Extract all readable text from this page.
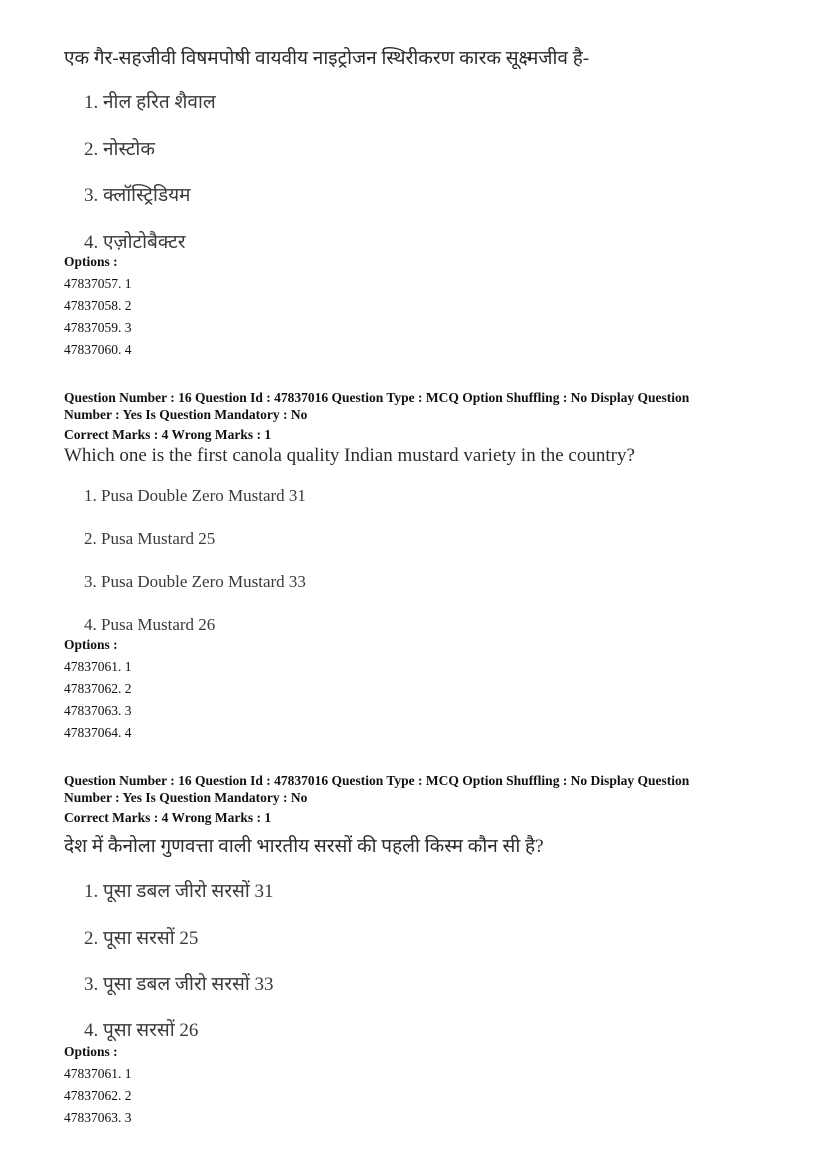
एक गैर-सहजीवी विषमपोषी वायवीय नाइट्रोजन स्थिरीकरण कारक सूक्ष्मजीव है-
1. नील हरित शैवाल
2. नोस्टोक
3. क्लॉस्ट्रिडियम
4. एज़ोटोबैक्टर
Options :
47837057. 1
47837058. 2
47837059. 3
47837060. 4
Question Number : 16 Question Id : 47837016 Question Type : MCQ Option Shuffling : No Display Question
Number : Yes Is Question Mandatory : No
Correct Marks : 4 Wrong Marks : 1
Which one is the first canola quality Indian mustard variety in the country?
1. Pusa Double Zero Mustard 31
2. Pusa Mustard 25
3. Pusa Double Zero Mustard 33
4. Pusa Mustard 26
Options :
47837061. 1
47837062. 2
47837063. 3
47837064. 4
Question Number : 16 Question Id : 47837016 Question Type : MCQ Option Shuffling : No Display Question
Number : Yes Is Question Mandatory : No
Correct Marks : 4 Wrong Marks : 1
देश में कैनोला गुणवत्ता वाली भारतीय सरसों की पहली किस्म कौन सी है?
1. पूसा डबल जीरो सरसों 31
2. पूसा सरसों 25
3. पूसा डबल जीरो सरसों 33
4. पूसा सरसों 26
Options :
47837061. 1
47837062. 2
47837063. 3
